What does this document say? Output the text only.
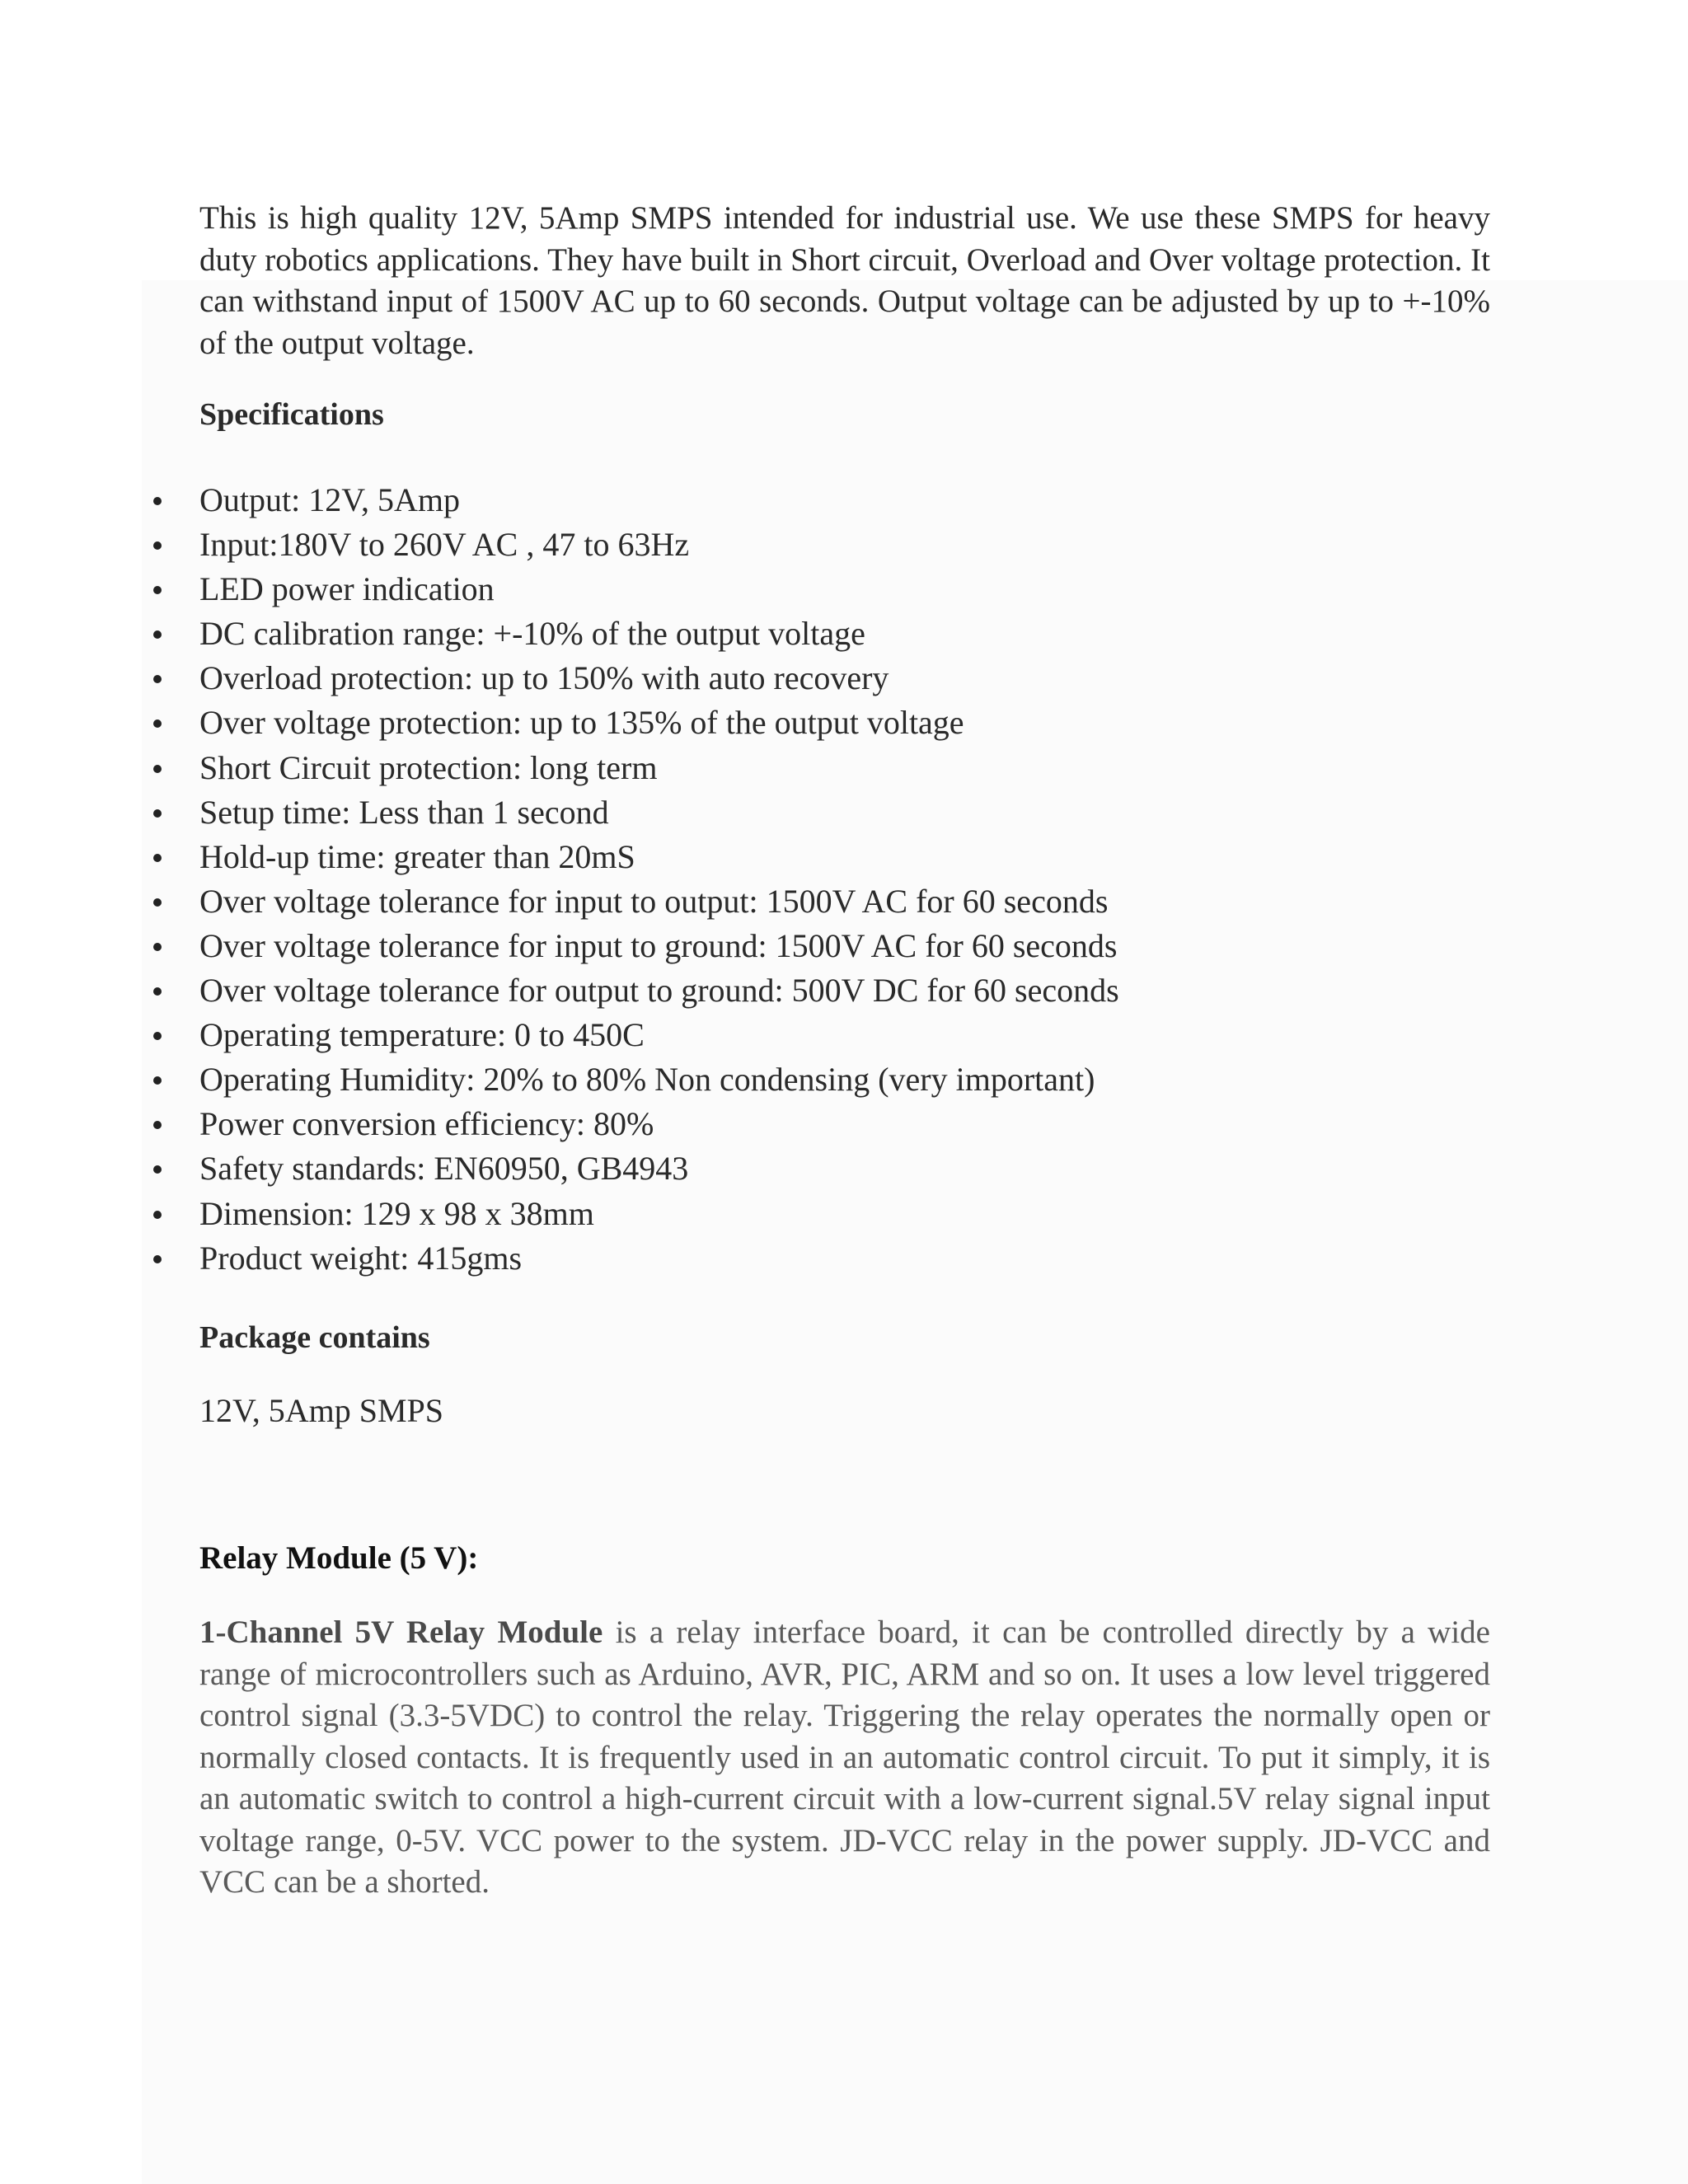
This is high quality 12V, 5Amp SMPS intended for industrial use. We use these SMPS for heavy duty robotics applications. They have built in Short circuit, Overload and Over voltage protection. It can withstand input of 1500V AC up to 60 seconds. Output voltage can be adjusted by up to +-10% of the output voltage.

Specifications
Output: 12V, 5Amp
Input:180V to 260V AC , 47 to 63Hz
LED power indication
DC calibration range: +-10% of the output voltage
Overload protection: up to 150% with auto recovery
Over voltage protection: up to 135% of the output voltage
Short Circuit protection: long term
Setup time: Less than 1 second
Hold-up time: greater than 20mS
Over voltage tolerance for input to output: 1500V AC for 60 seconds
Over voltage tolerance for input to ground: 1500V AC for 60 seconds
Over voltage tolerance for output to ground: 500V DC for 60 seconds
Operating temperature: 0 to 450C
Operating Humidity: 20% to 80% Non condensing (very important)
Power conversion efficiency: 80%
Safety standards: EN60950, GB4943
Dimension: 129 x 98 x 38mm
Product weight: 415gms
Package contains

12V, 5Amp SMPS

Relay Module (5 V):

1-Channel 5V Relay Module is a relay interface board, it can be controlled directly by a wide range of microcontrollers such as Arduino, AVR, PIC, ARM and so on. It uses a low level triggered control signal (3.3-5VDC) to control the relay. Triggering the relay operates the normally open or normally closed contacts. It is frequently used in an automatic control circuit. To put it simply, it is an automatic switch to control a high-current circuit with a low-current signal.5V relay signal input voltage range, 0-5V. VCC power to the system. JD-VCC relay in the power supply. JD-VCC and VCC can be a shorted.
